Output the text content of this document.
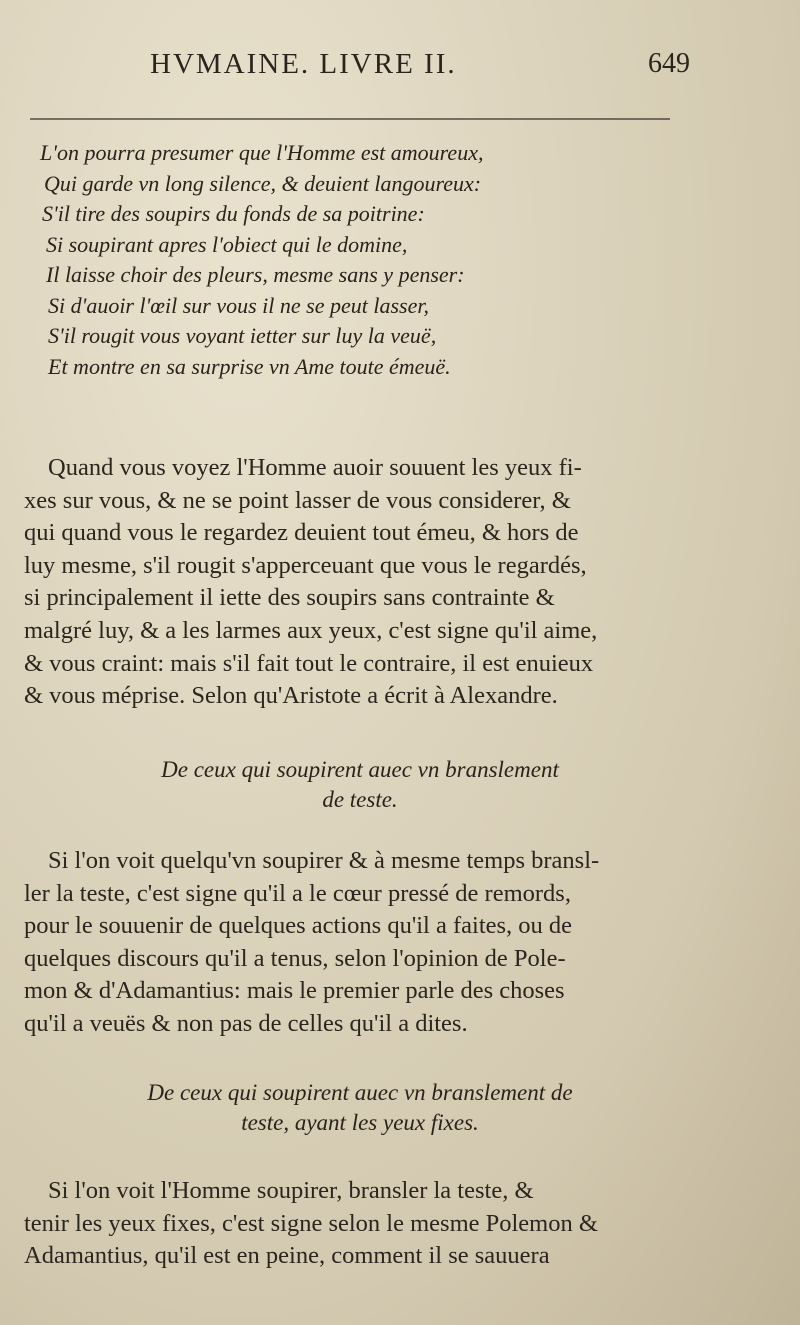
HVMAINE. LIVRE II.	649
L'on pourra presumer que l'Homme est amoureux,
Qui garde vn long silence, & deuient langoureux:
S'il tire des soupirs du fonds de sa poitrine:
Si soupirant apres l'obiect qui le domine,
Il laisse choir des pleurs, mesme sans y penser:
Si d'auoir l'œil sur vous il ne se peut lasser,
S'il rougit vous voyant ietter sur luy la veuë,
Et montre en sa surprise vn Ame toute émeuë.
Quand vous voyez l'Homme auoir souuent les yeux fi-
xes sur vous, & ne se point lasser de vous considerer, &
qui quand vous le regardez deuient tout émeu, & hors de
luy mesme, s'il rougit s'apperceuant que vous le regardés,
si principalement il iette des soupirs sans contrainte &
malgré luy, & a les larmes aux yeux, c'est signe qu'il aime,
& vous craint: mais s'il fait tout le contraire, il est enuieux
& vous méprise. Selon qu'Aristote a écrit à Alexandre.
De ceux qui soupirent auec vn branslement
de teste.
Si l'on voit quelqu'vn soupirer & à mesme temps bransl-
ler la teste, c'est signe qu'il a le cœur pressé de remords,
pour le souuenir de quelques actions qu'il a faites, ou de
quelques discours qu'il a tenus, selon l'opinion de Pole-
mon & d'Adamantius: mais le premier parle des choses
qu'il a veuës & non pas de celles qu'il a dites.
De ceux qui soupirent auec vn branslement de
teste, ayant les yeux fixes.
Si l'on voit l'Homme soupirer, bransler la teste, &
tenir les yeux fixes, c'est signe selon le mesme Polemon &
Adamantius, qu'il est en peine, comment il se sauuera
